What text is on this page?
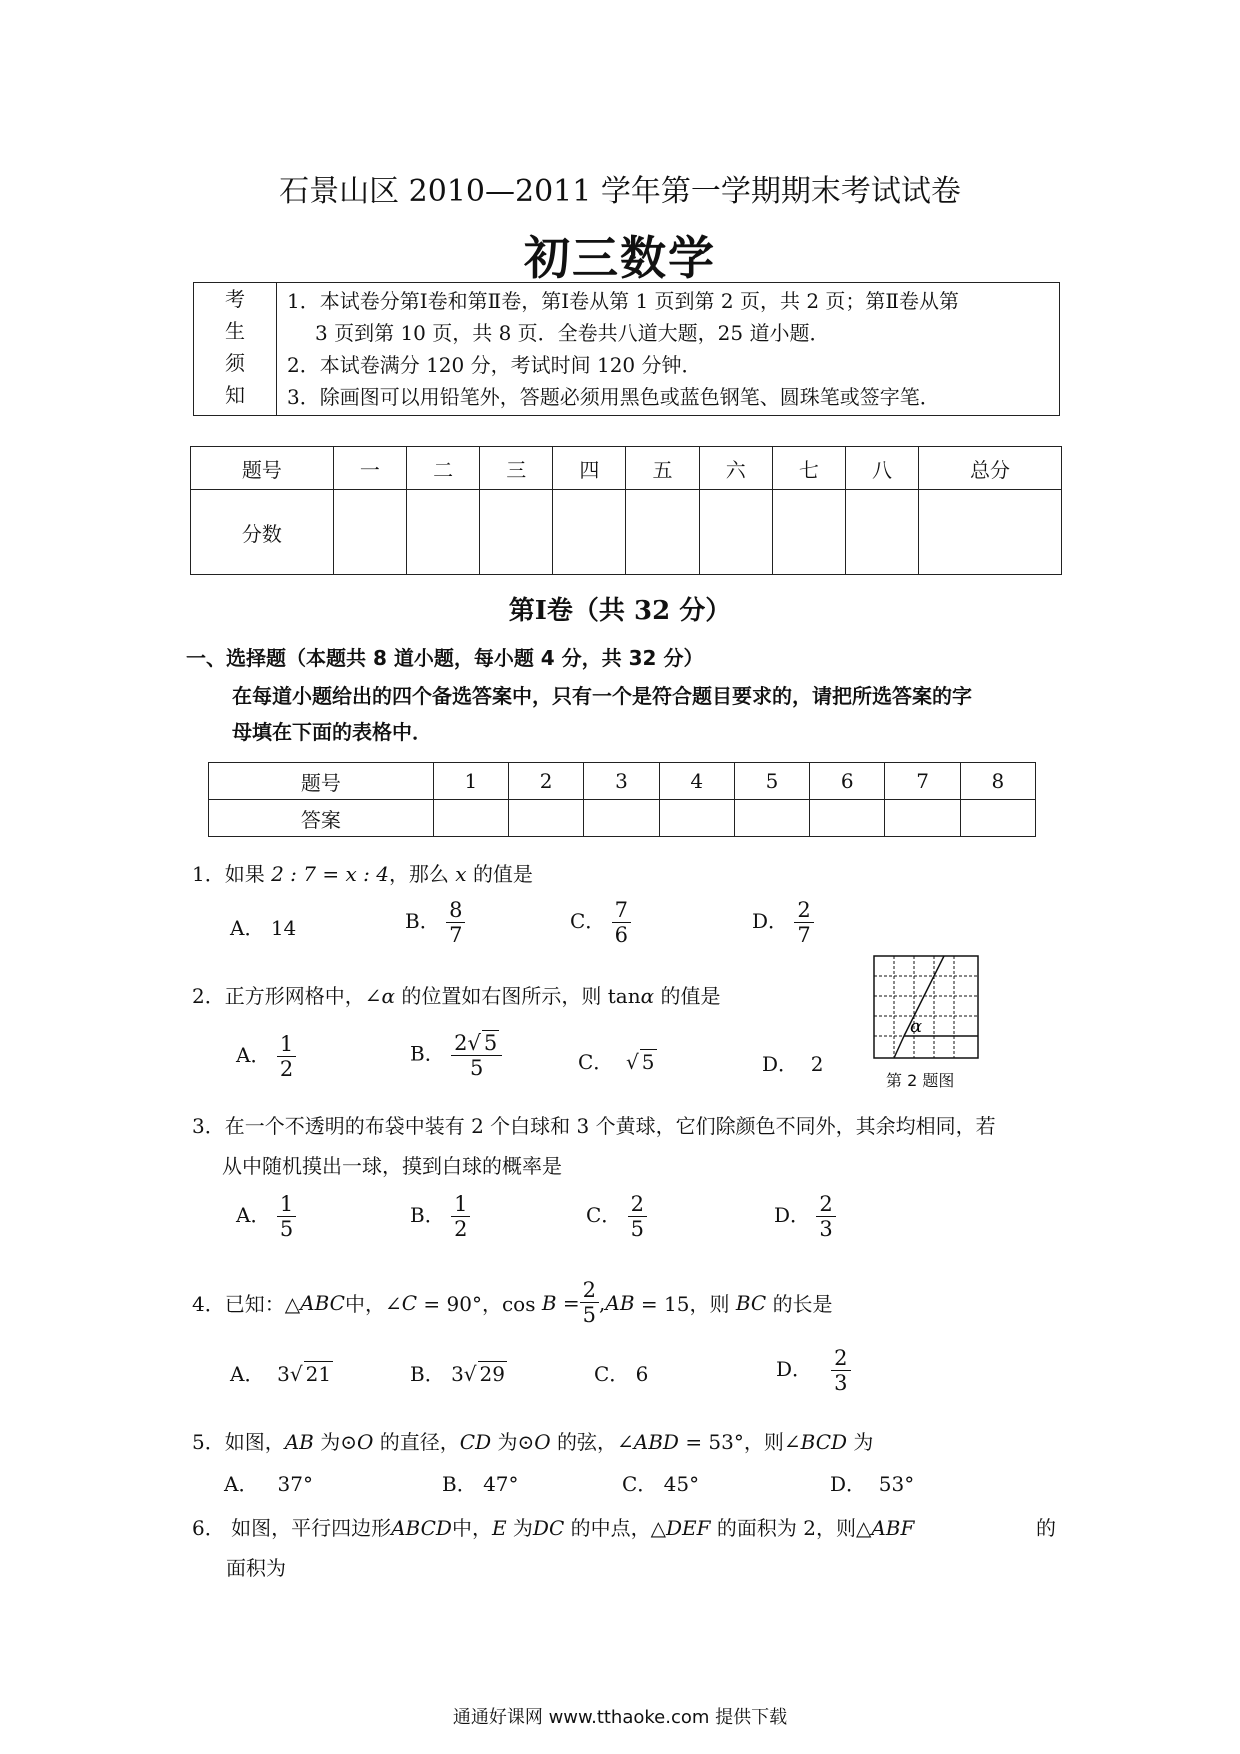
石景山区 2010—2011 学年第一学期期末考试试卷
初三数学
考
生
须
知

1．本试卷分第Ⅰ卷和第Ⅱ卷，第Ⅰ卷从第 1 页到第 2 页，共 2 页；第Ⅱ卷从第
3 页到第 10 页，共 8 页．全卷共八道大题，25 道小题．
2．本试卷满分 120 分，考试时间 120 分钟．
3．除画图可以用铅笔外，答题必须用黑色或蓝色钢笔、圆珠笔或签字笔．
题号	一	二	三	四	五	六	七	八	总分
分数									
第Ⅰ卷（共 32 分）
一、选择题（本题共 8 道小题，每小题 4 分，共 32 分）
在每道小题给出的四个备选答案中，只有一个是符合题目要求的，请把所选答案的字
母填在下面的表格中．
题号	1	2	3	4	5	6	7	8
答案								
1．如果 2 : 7 = x : 4，那么 x 的值是
A． 14	B． $\frac{8}{7}$	C． $\frac{7}{6}$	D． $\frac{2}{7}$
2．正方形网格中，∠α 的位置如右图所示，则 tanα 的值是
A． $\frac{1}{2}$	B． $\frac{2√ 5}{5}$	C．  √ 5	D． 2
α
第 2 题图
3．在一个不透明的布袋中装有 2 个白球和 3 个黄球，它们除颜色不同外，其余均相同，若
从中随机摸出一球，摸到白球的概率是
A． $\frac{1}{5}$	B． $\frac{1}{2}$	C． $\frac{2}{5}$	D． $\frac{2}{3}$
4． 已知：△ ABC 中，∠ C
= 90°，cos
B
= $\frac{2}{5}$ , AB
= 15，则
BC
的长是
A． 3√ 21	B． 3√ 29	C． 6	D． $\frac{2}{3}$
5．如图，AB 为⊙O 的直径，CD 为⊙O 的弦，∠ABD = 53°，则∠BCD 为
A． 37°	B． 47°	C． 45°	D． 53°
6． 如图，平行四边形ABCD中，E 为DC 的中点，△DEF 的面积为 2，则△ABF	的
面积为
通通好课网 www.tthaoke.com 提供下载
